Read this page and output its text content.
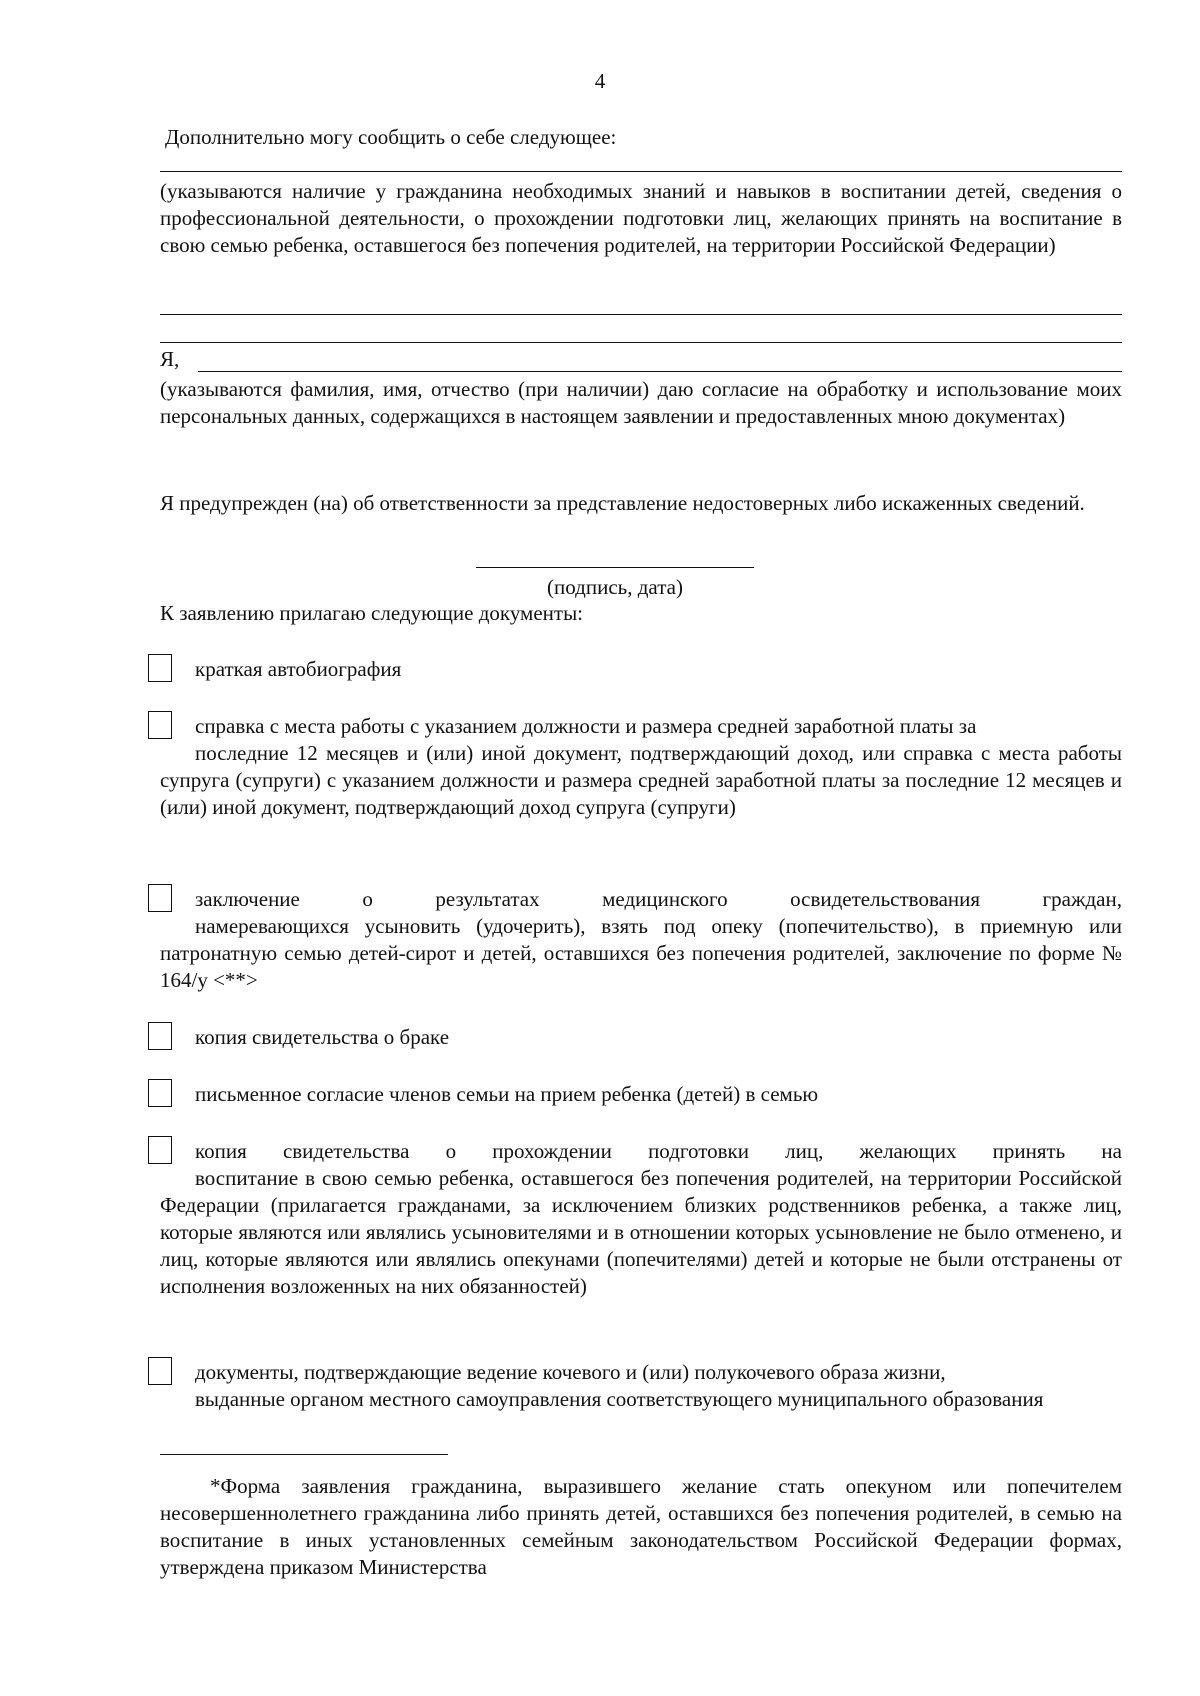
4
Дополнительно могу сообщить о себе следующее:
(указываются наличие у гражданина необходимых знаний и навыков в воспитании детей, сведения о профессиональной деятельности, о прохождении подготовки лиц, желающих принять на воспитание в свою семью ребенка, оставшегося без попечения родителей, на территории Российской Федерации)
Я,
(указываются фамилия, имя, отчество (при наличии) даю согласие на обработку и использование моих персональных данных, содержащихся в настоящем заявлении и предоставленных мною документах)
Я предупрежден (на) об ответственности за представление недостоверных либо искаженных сведений.
(подпись, дата)
К заявлению прилагаю следующие документы:

краткая автобиография

справка с места работы с указанием должности и размера средней заработной платы за

последние 12 месяцев и (или) иной документ, подтверждающий доход, или справка с места работы супруга (супруги) с указанием должности и размера средней заработной платы за последние 12 месяцев и (или) иной документ, подтверждающий доход супруга (супруги)

заключение о результатах медицинского освидетельствования граждан,

намеревающихся усыновить (удочерить), взять под опеку (попечительство), в приемную или патронатную семью детей-сирот и детей, оставшихся без попечения родителей, заключение по форме № 164/у <**>

копия свидетельства о браке

письменное согласие членов семьи на прием ребенка (детей) в семью

копия свидетельства о прохождении подготовки лиц, желающих принять на

воспитание в свою семью ребенка, оставшегося без попечения родителей, на территории Российской Федерации (прилагается гражданами, за исключением близких родственников ребенка, а также лиц, которые являются или являлись усыновителями и в отношении которых усыновление не было отменено, и лиц, которые являются или являлись опекунами (попечителями) детей и которые не были отстранены от исполнения возложенных на них обязанностей)

документы, подтверждающие ведение кочевого и (или) полукочевого образа жизни,

выданные органом местного самоуправления соответствующего муниципального образования

*Форма заявления гражданина, выразившего желание стать опекуном или попечителем несовершеннолетнего гражданина либо принять детей, оставшихся без попечения родителей, в семью на воспитание в иных установленных семейным законодательством Российской Федерации формах, утверждена приказом Министерства
